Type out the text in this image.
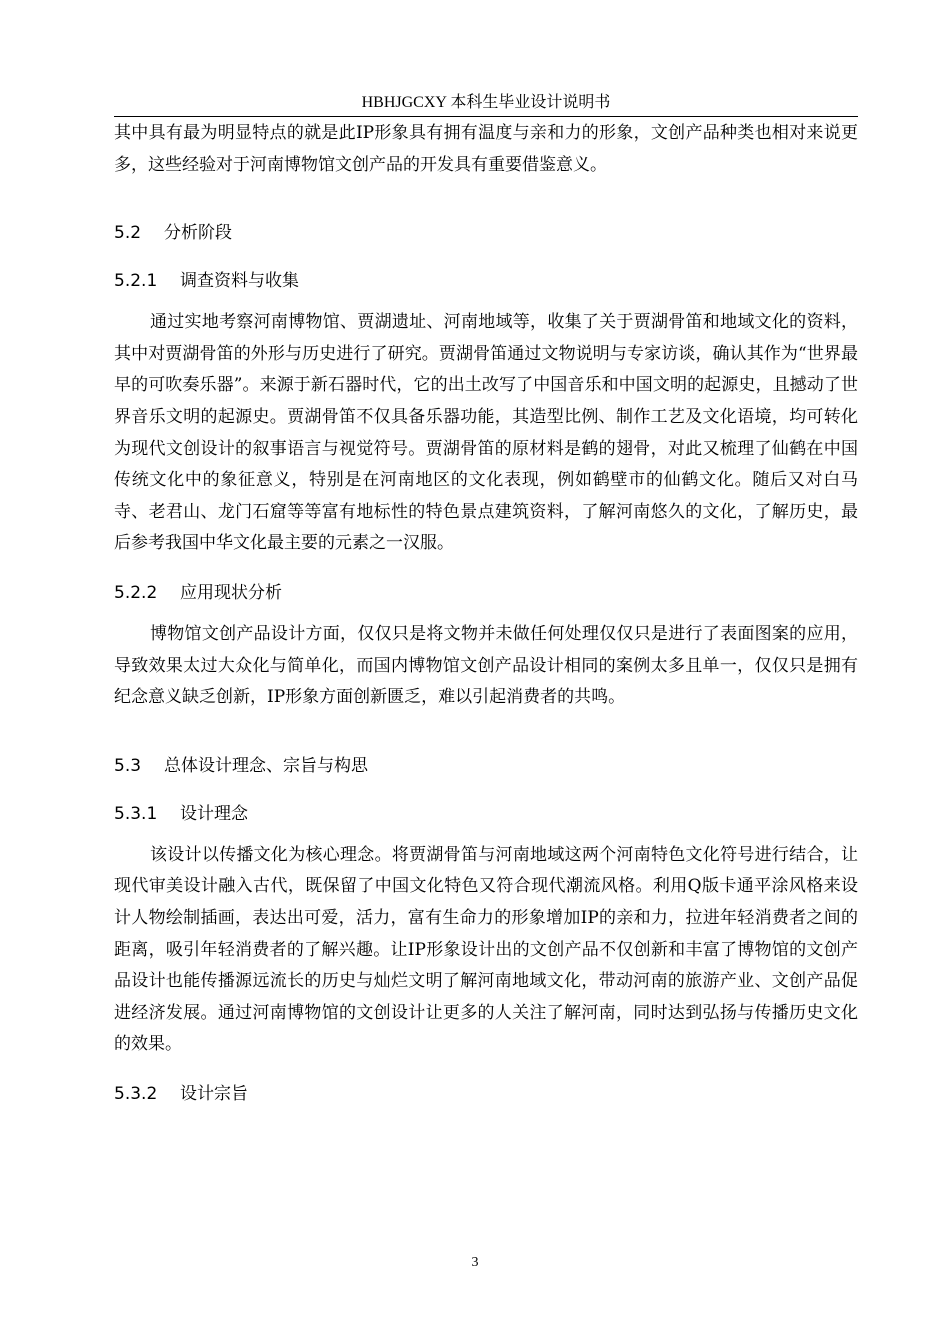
HBHJGCXY 本科生毕业设计说明书

其中具有最为明显特点的就是此IP形象具有拥有温度与亲和力的形象，文创产品种类也相对来说更多，这些经验对于河南博物馆文创产品的开发具有重要借鉴意义。

5.2 分析阶段
5.2.1 调查资料与收集

通过实地考察河南博物馆、贾湖遗址、河南地域等，收集了关于贾湖骨笛和地域文化的资料，其中对贾湖骨笛的外形与历史进行了研究。贾湖骨笛通过文物说明与专家访谈，确认其作为“世界最早的可吹奏乐器”。来源于新石器时代，它的出土改写了中国音乐和中国文明的起源史，且撼动了世界音乐文明的起源史。贾湖骨笛不仅具备乐器功能，其造型比例、制作工艺及文化语境，均可转化为现代文创设计的叙事语言与视觉符号。贾湖骨笛的原材料是鹤的翅骨，对此又梳理了仙鹤在中国传统文化中的象征意义，特别是在河南地区的文化表现，例如鹤壁市的仙鹤文化。随后又对白马寺、老君山、龙门石窟等等富有地标性的特色景点建筑资料，了解河南悠久的文化，了解历史，最后参考我国中华文化最主要的元素之一汉服。

5.2.2 应用现状分析

博物馆文创产品设计方面，仅仅只是将文物并未做任何处理仅仅只是进行了表面图案的应用，导致效果太过大众化与简单化，而国内博物馆文创产品设计相同的案例太多且单一，仅仅只是拥有纪念意义缺乏创新，IP形象方面创新匮乏，难以引起消费者的共鸣。

5.3 总体设计理念、宗旨与构思
5.3.1 设计理念

该设计以传播文化为核心理念。将贾湖骨笛与河南地域这两个河南特色文化符号进行结合，让现代审美设计融入古代，既保留了中国文化特色又符合现代潮流风格。利用Q版卡通平涂风格来设计人物绘制插画，表达出可爱，活力，富有生命力的形象增加IP的亲和力，拉进年轻消费者之间的距离，吸引年轻消费者的了解兴趣。让IP形象设计出的文创产品不仅创新和丰富了博物馆的文创产品设计也能传播源远流长的历史与灿烂文明了解河南地域文化，带动河南的旅游产业、文创产品促进经济发展。通过河南博物馆的文创设计让更多的人关注了解河南，同时达到弘扬与传播历史文化的效果。

5.3.2 设计宗旨
3
